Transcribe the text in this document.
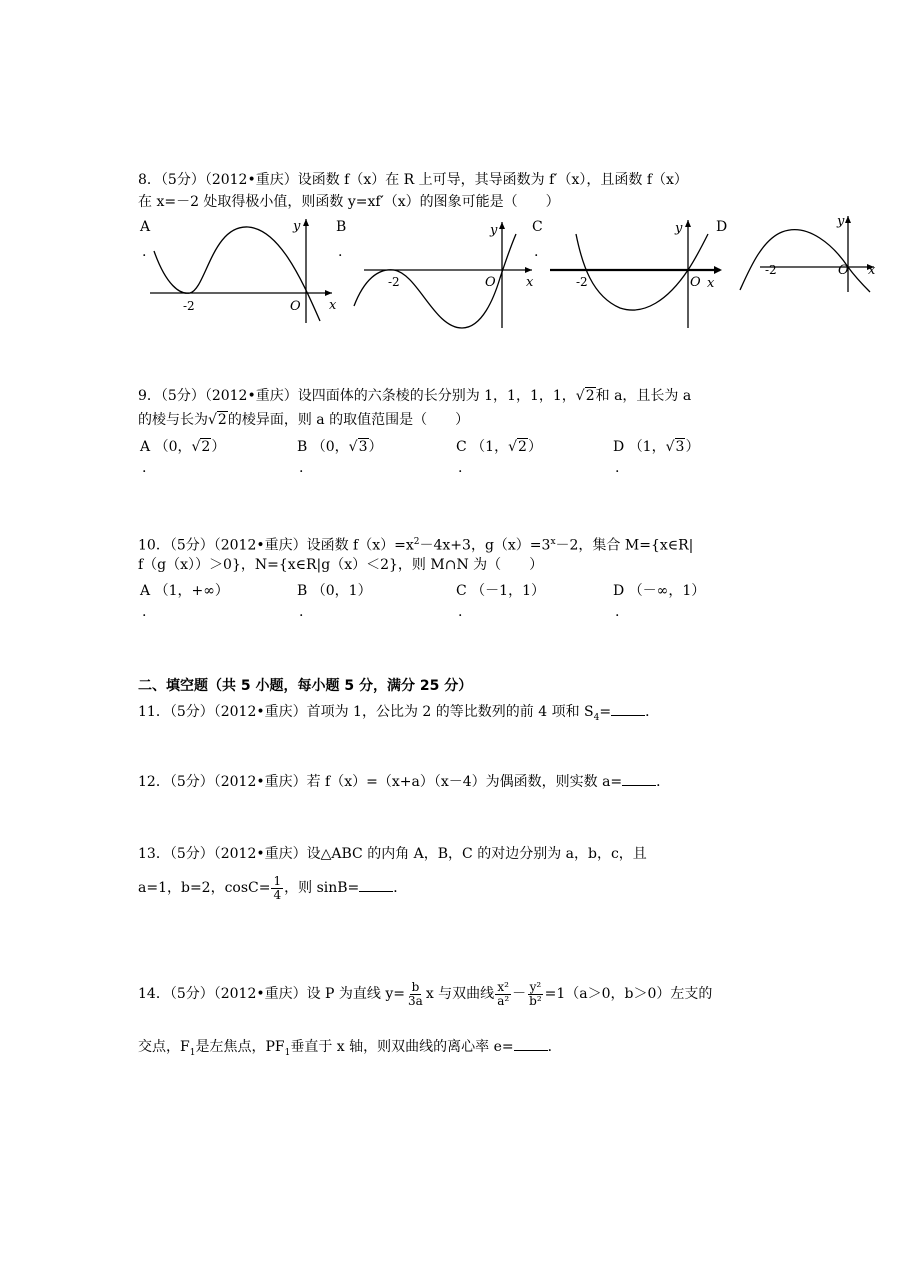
8．（5分）（2012•重庆）设函数 f（x）在 R 上可导，其导函数为 f′（x），且函数 f（x）
在 x=－2 处取得极小值，则函数 y=xf′（x）的图象可能是（　　）
A
.
B
.
C
.
D
-2	O x
y
-2	O x
y
-2	O x
y
-2	O x
y
9．（5分）（2012•重庆）设四面体的六条棱的长分别为 1，1，1，1，√2和 a，且长为 a
的棱与长为√2的棱异面，则 a 的取值范围是（　　）
A （0，√2）	B （0，√3）	C （1，√2）	D （1，√3）
.	.	.	.
10．（5分）（2012•重庆）设函数 $f(x)=x^2-4x+3$，$g(x)=3^x-2$，集合 M={x∈R|
f（g（x））＞0}，N={x∈R|g（x）＜2}，则 M∩N 为（　　）
A （1，+∞）	B （0，1）	C （－1，1）	D （－∞，1）
.	.	.	.
二、填空题（共 5 小题，每小题 5 分，满分 25 分）
11．（5分）（2012•重庆）首项为 1，公比为 2 的等比数列的前 4 项和 $S_4=$ ．
12．（5分）（2012•重庆）若 f（x）=（x+a）（x－4）为偶函数，则实数 a= ．
13．（5分）（2012•重庆）设△ABC 的内角 A，B，C 的对边分别为 a，b，c，且
a=1，b=2，$\cos C= \frac{1}{4}$ ，则 sinB= ．
14．（5分）（2012•重庆）设 P 为直线 $y= \frac{b}{3a}$ x 与双曲线 $\frac{\text{x²}}{\text{a²}} - \frac{\text{y²}}{\text{b²}} =1(a>0$，b＞0）左支的
交点，$F_1$是左焦点，$PF_1$垂直于 x 轴，则双曲线的离心率 e= ．
